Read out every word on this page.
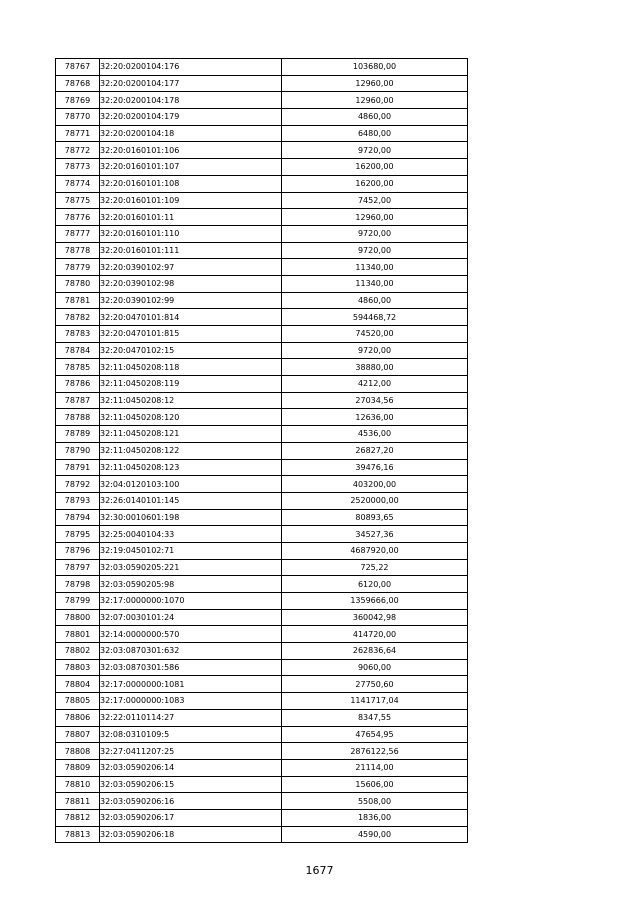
78767	32:20:0200104:176	103680,00
78768	32:20:0200104:177	12960,00
78769	32:20:0200104:178	12960,00
78770	32:20:0200104:179	4860,00
78771	32:20:0200104:18	6480,00
78772	32:20:0160101:106	9720,00
78773	32:20:0160101:107	16200,00
78774	32:20:0160101:108	16200,00
78775	32:20:0160101:109	7452,00
78776	32:20:0160101:11	12960,00
78777	32:20:0160101:110	9720,00
78778	32:20:0160101:111	9720,00
78779	32:20:0390102:97	11340,00
78780	32:20:0390102:98	11340,00
78781	32:20:0390102:99	4860,00
78782	32:20:0470101:814	594468,72
78783	32:20:0470101:815	74520,00
78784	32:20:0470102:15	9720,00
78785	32:11:0450208:118	38880,00
78786	32:11:0450208:119	4212,00
78787	32:11:0450208:12	27034,56
78788	32:11:0450208:120	12636,00
78789	32:11:0450208:121	4536,00
78790	32:11:0450208:122	26827,20
78791	32:11:0450208:123	39476,16
78792	32:04:0120103:100	403200,00
78793	32:26:0140101:145	2520000,00
78794	32:30:0010601:198	80893,65
78795	32:25:0040104:33	34527,36
78796	32:19:0450102:71	4687920,00
78797	32:03:0590205:221	725,22
78798	32:03:0590205:98	6120,00
78799	32:17:0000000:1070	1359666,00
78800	32:07:0030101:24	360042,98
78801	32:14:0000000:570	414720,00
78802	32:03:0870301:632	262836,64
78803	32:03:0870301:586	9060,00
78804	32:17:0000000:1081	27750,60
78805	32:17:0000000:1083	1141717,04
78806	32:22:0110114:27	8347,55
78807	32:08:0310109:5	47654,95
78808	32:27:0411207:25	2876122,56
78809	32:03:0590206:14	21114,00
78810	32:03:0590206:15	15606,00
78811	32:03:0590206:16	5508,00
78812	32:03:0590206:17	1836,00
78813	32:03:0590206:18	4590,00
1677
